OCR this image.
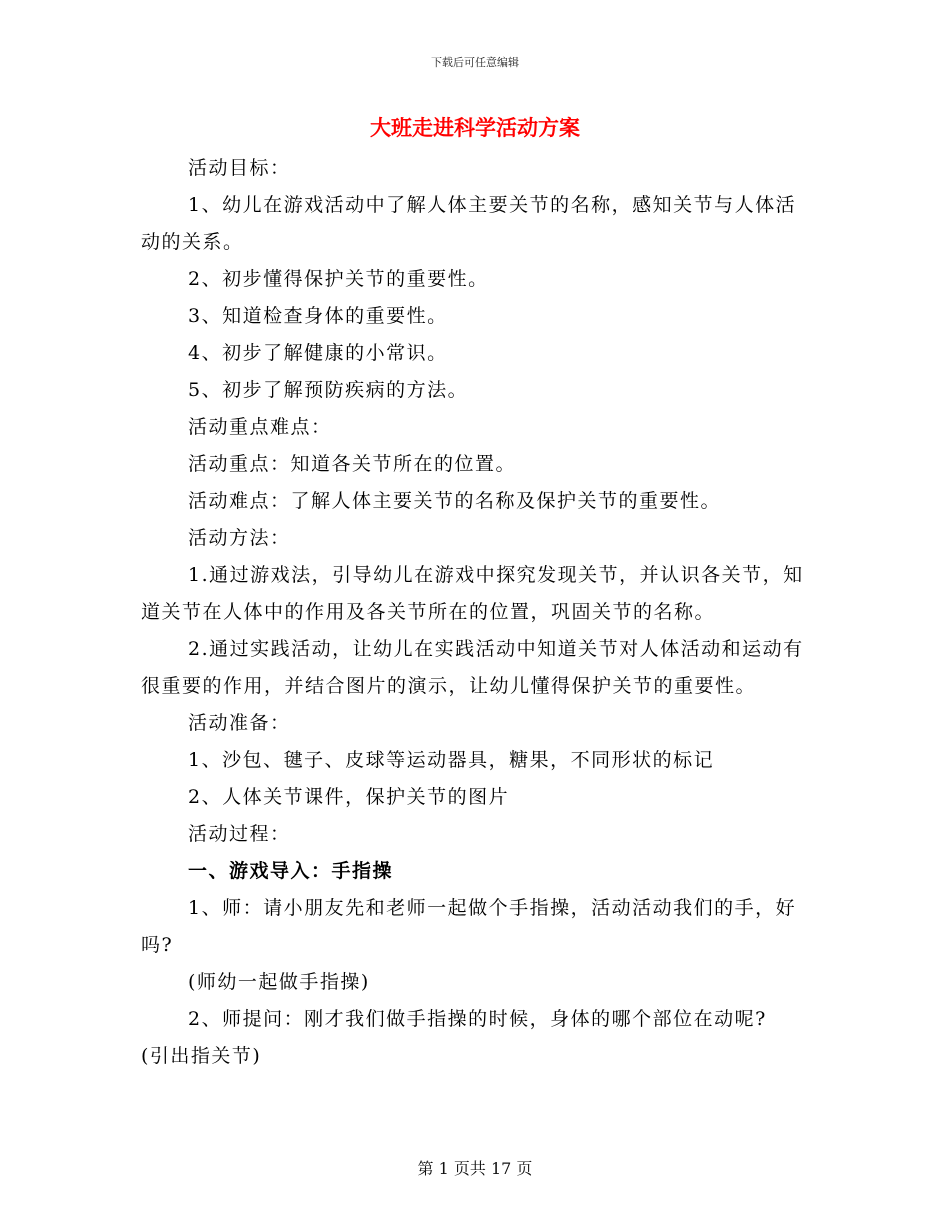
下载后可任意编辑
大班走进科学活动方案

活动目标：

1、幼儿在游戏活动中了解人体主要关节的名称，感知关节与人体活动的关系。

2、初步懂得保护关节的重要性。

3、知道检查身体的重要性。

4、初步了解健康的小常识。

5、初步了解预防疾病的方法。

活动重点难点：

活动重点：知道各关节所在的位置。

活动难点：了解人体主要关节的名称及保护关节的重要性。

活动方法：

1.通过游戏法，引导幼儿在游戏中探究发现关节，并认识各关节，知道关节在人体中的作用及各关节所在的位置，巩固关节的名称。

2.通过实践活动，让幼儿在实践活动中知道关节对人体活动和运动有很重要的作用，并结合图片的演示，让幼儿懂得保护关节的重要性。

活动准备：

1、沙包、毽子、皮球等运动器具，糖果，不同形状的标记

2、人体关节课件，保护关节的图片

活动过程：

一、游戏导入：手指操

1、师：请小朋友先和老师一起做个手指操，活动活动我们的手，好吗?

(师幼一起做手指操)

2、师提问：刚才我们做手指操的时候，身体的哪个部位在动呢?

(引出指关节)

第 1 页共 17 页
